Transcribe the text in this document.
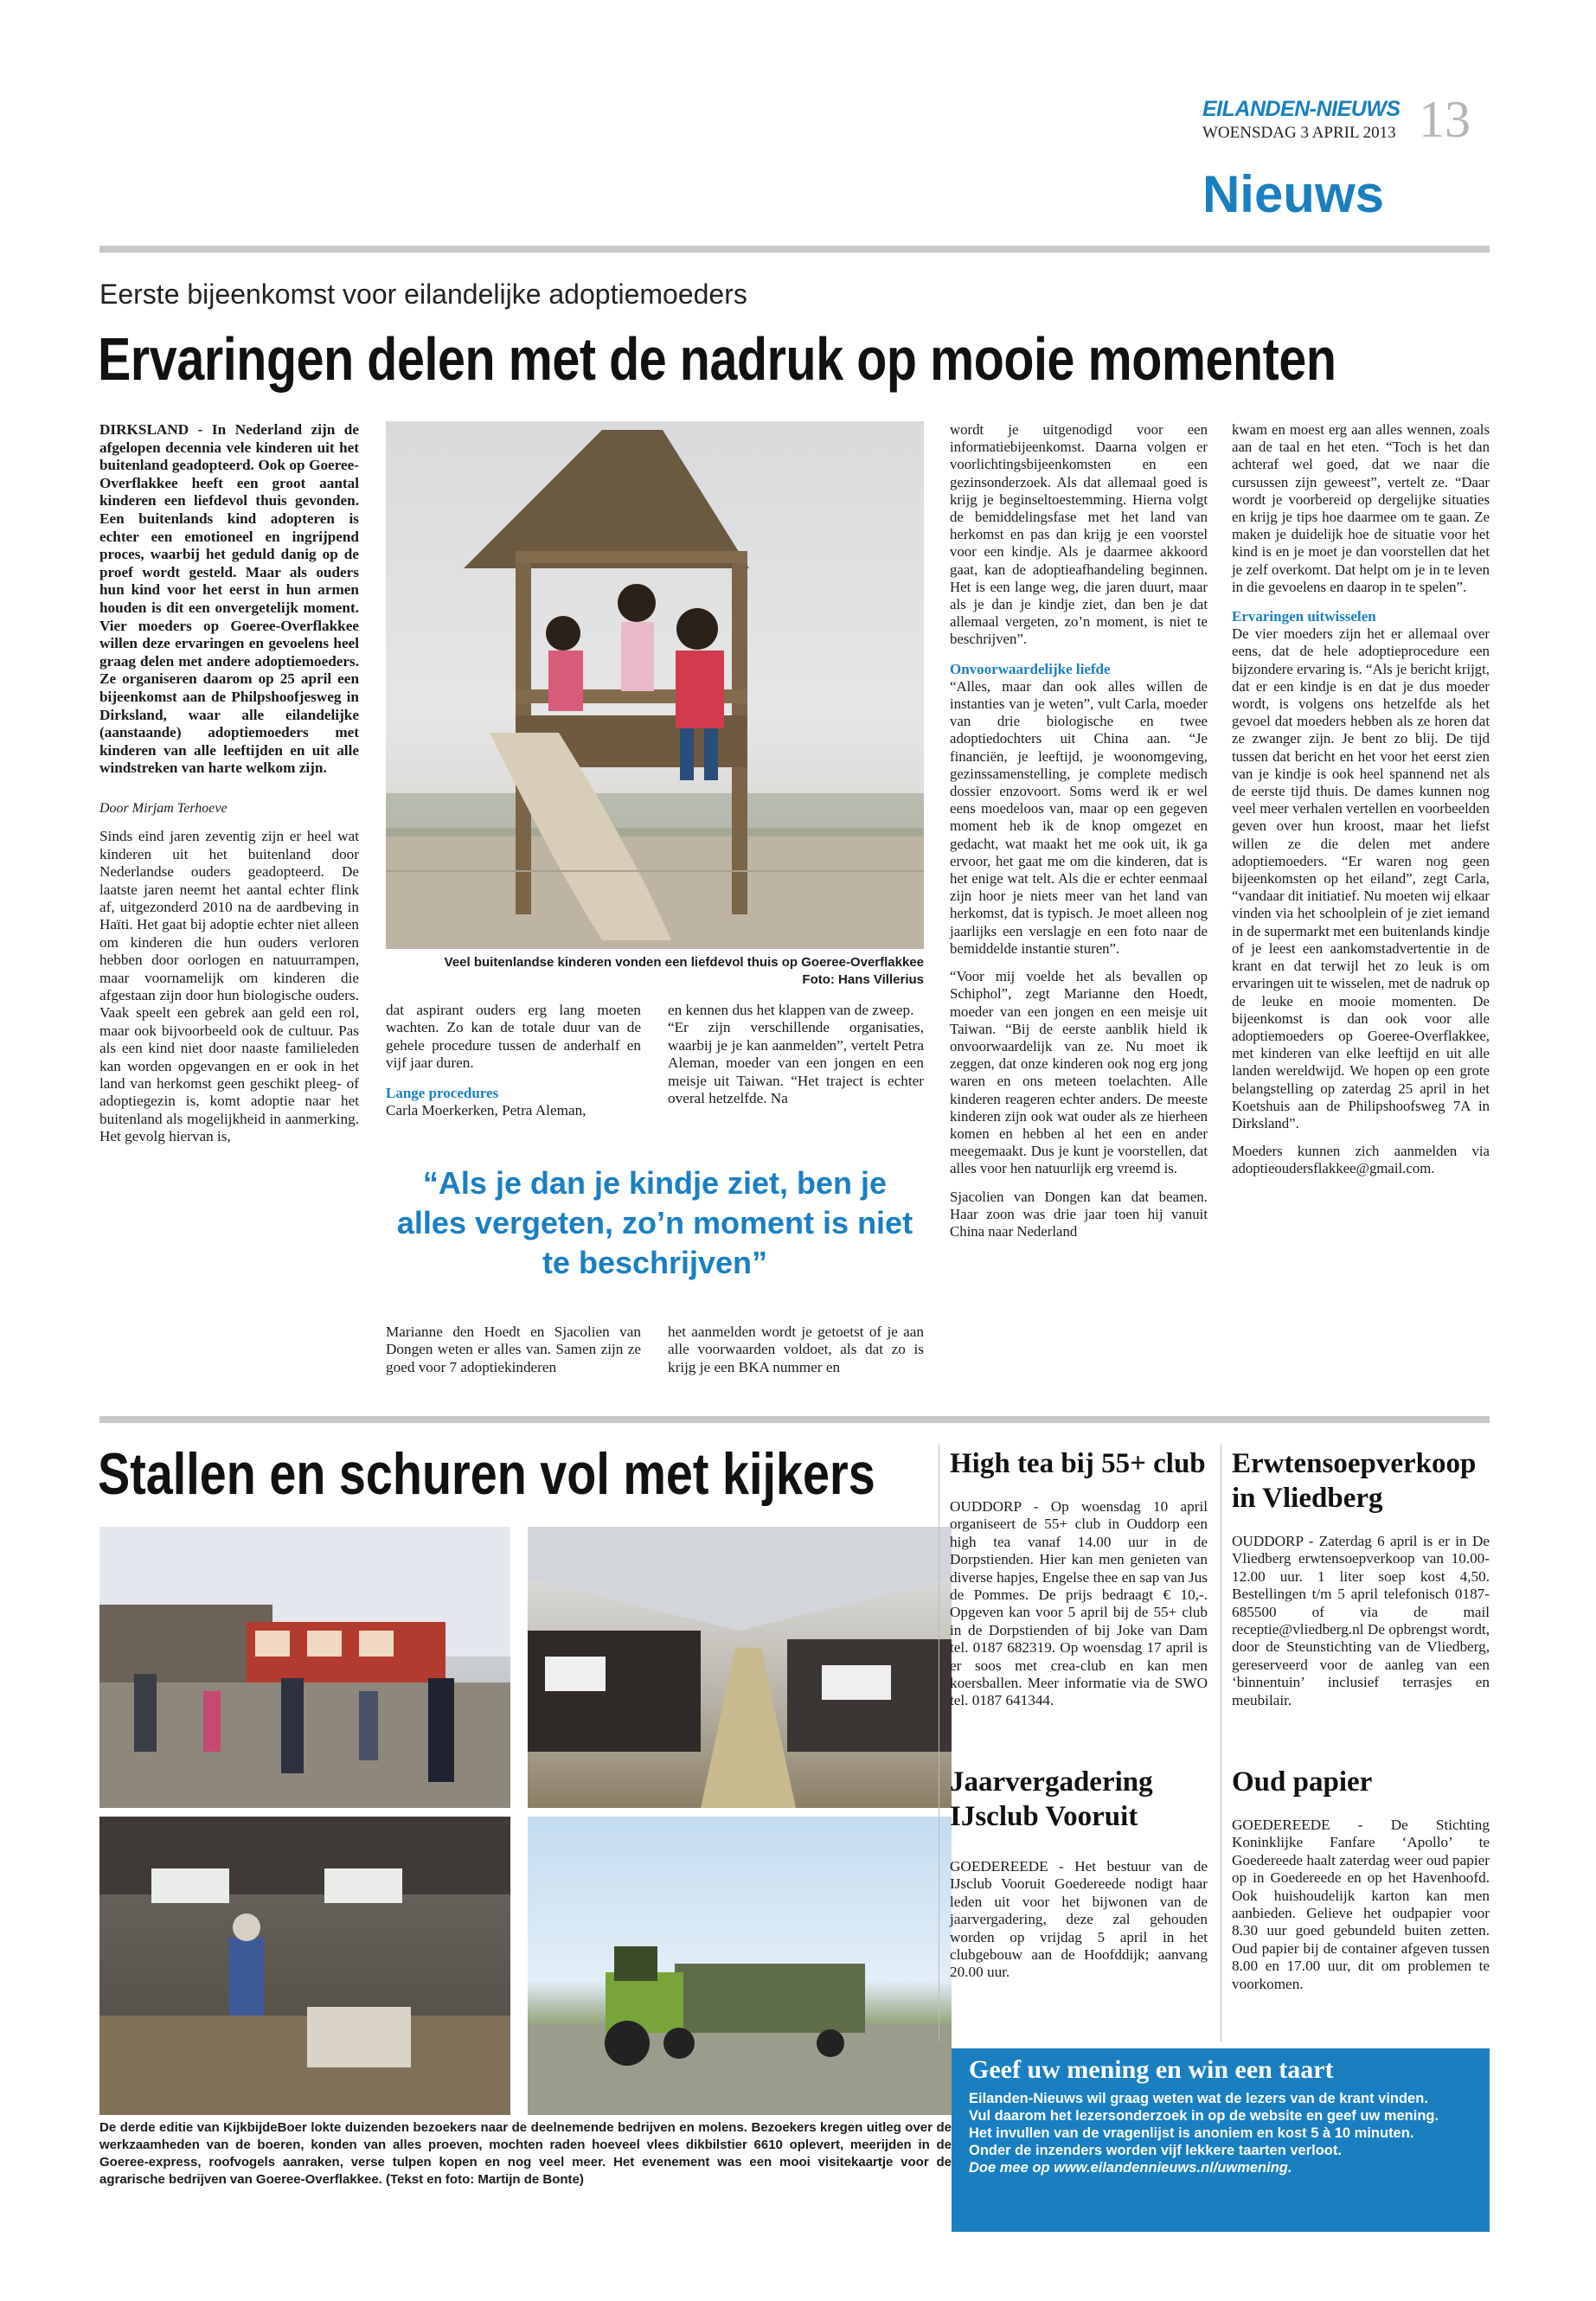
EILANDEN-NIEUWS
WOENSDAG 3 APRIL 2013 13
Nieuws
Eerste bijeenkomst voor eilandelijke adoptiemoeders
Ervaringen delen met de nadruk op mooie momenten

DIRKSLAND - In Nederland zijn de afgelopen decennia vele kinderen uit het buitenland geadopteerd. Ook op Goeree-Overflakkee heeft een groot aantal kinderen een liefdevol thuis gevonden. Een buitenlands kind adopteren is echter een emotioneel en ingrijpend proces, waarbij het geduld danig op de proef wordt gesteld. Maar als ouders hun kind voor het eerst in hun armen houden is dit een onvergetelijk moment. Vier moeders op Goeree-Overflakkee willen deze ervaringen en gevoelens heel graag delen met andere adoptiemoeders. Ze organiseren daarom op 25 april een bijeenkomst aan de Philpshoofjesweg in Dirksland, waar alle eilandelijke (aanstaande) adoptiemoeders met kinderen van alle leeftijden en uit alle windstreken van harte welkom zijn.

Door Mirjam Terhoeve

Sinds eind jaren zeventig zijn er heel wat kinderen uit het buitenland door Nederlandse ouders geadopteerd. De laatste jaren neemt het aantal echter flink af, uitgezonderd 2010 na de aardbeving in Haïti. Het gaat bij adoptie echter niet alleen om kinderen die hun ouders verloren hebben door oorlogen en natuurrampen, maar voornamelijk om kinderen die afgestaan zijn door hun biologische ouders. Vaak speelt een gebrek aan geld een rol, maar ook bijvoorbeeld ook de cultuur. Pas als een kind niet door naaste familieleden kan worden opgevangen en er ook in het land van herkomst geen geschikt pleeg- of adoptiegezin is, komt adoptie naar het buitenland als mogelijkheid in aanmerking. Het gevolg hiervan is,

Veel buitenlandse kinderen vonden een liefdevol thuis op Goeree-Overflakkee
Foto: Hans Villerius

dat aspirant ouders erg lang moeten wachten. Zo kan de totale duur van de gehele procedure tussen de anderhalf en vijf jaar duren.

Lange procedures

Carla Moerkerken, Petra Aleman,

en kennen dus het klappen van de zweep.
“Er zijn verschillende organisaties, waarbij je je kan aanmelden”, vertelt Petra Aleman, moeder van een jongen en een meisje uit Taiwan. “Het traject is echter overal hetzelfde. Na

“Als je dan je kindje ziet, ben je alles vergeten, zo’n moment is niet te beschrijven”

Marianne den Hoedt en Sjacolien van Dongen weten er alles van. Samen zijn ze goed voor 7 adoptiekinderen

het aanmelden wordt je getoetst of je aan alle voorwaarden voldoet, als dat zo is krijg je een BKA nummer en

wordt je uitgenodigd voor een informatiebijeenkomst. Daarna volgen er voorlichtingsbijeenkomsten en een gezinsonderzoek. Als dat allemaal goed is krijg je beginseltoestemming. Hierna volgt de bemiddelingsfase met het land van herkomst en pas dan krijg je een voorstel voor een kindje. Als je daarmee akkoord gaat, kan de adoptieafhandeling beginnen. Het is een lange weg, die jaren duurt, maar als je dan je kindje ziet, dan ben je dat allemaal vergeten, zo’n moment, is niet te beschrijven”.

Onvoorwaardelijke liefde

“Alles, maar dan ook alles willen de instanties van je weten”, vult Carla, moeder van drie biologische en twee adoptiedochters uit China aan. “Je financiën, je leeftijd, je woonomgeving, gezinssamenstelling, je complete medisch dossier enzovoort. Soms werd ik er wel eens moedeloos van, maar op een gegeven moment heb ik de knop omgezet en gedacht, wat maakt het me ook uit, ik ga ervoor, het gaat me om die kinderen, dat is het enige wat telt. Als die er echter eenmaal zijn hoor je niets meer van het land van herkomst, dat is typisch. Je moet alleen nog jaarlijks een verslagje en een foto naar de bemiddelde instantie sturen”.

“Voor mij voelde het als bevallen op Schiphol”, zegt Marianne den Hoedt, moeder van een jongen en een meisje uit Taiwan. “Bij de eerste aanblik hield ik onvoorwaardelijk van ze. Nu moet ik zeggen, dat onze kinderen ook nog erg jong waren en ons meteen toelachten. Alle kinderen reageren echter anders. De meeste kinderen zijn ook wat ouder als ze hierheen komen en hebben al het een en ander meegemaakt. Dus je kunt je voorstellen, dat alles voor hen natuurlijk erg vreemd is.

Sjacolien van Dongen kan dat beamen. Haar zoon was drie jaar toen hij vanuit China naar Nederland

kwam en moest erg aan alles wennen, zoals aan de taal en het eten. “Toch is het dan achteraf wel goed, dat we naar die cursussen zijn geweest”, vertelt ze. “Daar wordt je voorbereid op dergelijke situaties en krijg je tips hoe daarmee om te gaan. Ze maken je duidelijk hoe de situatie voor het kind is en je moet je dan voorstellen dat het je zelf overkomt. Dat helpt om je in te leven in die gevoelens en daarop in te spelen”.

Ervaringen uitwisselen

De vier moeders zijn het er allemaal over eens, dat de hele adoptieprocedure een bijzondere ervaring is. “Als je bericht krijgt, dat er een kindje is en dat je dus moeder wordt, is volgens ons hetzelfde als het gevoel dat moeders hebben als ze horen dat ze zwanger zijn. Je bent zo blij. De tijd tussen dat bericht en het voor het eerst zien van je kindje is ook heel spannend net als de eerste tijd thuis. De dames kunnen nog veel meer verhalen vertellen en voorbeelden geven over hun kroost, maar het liefst willen ze die delen met andere adoptiemoeders. “Er waren nog geen bijeenkomsten op het eiland”, zegt Carla, “vandaar dit initiatief. Nu moeten wij elkaar vinden via het schoolplein of je ziet iemand in de supermarkt met een buitenlands kindje of je leest een aankomstadvertentie in de krant en dat terwijl het zo leuk is om ervaringen uit te wisselen, met de nadruk op de leuke en mooie momenten. De bijeenkomst is dan ook voor alle adoptiemoeders op Goeree-Overflakkee, met kinderen van elke leeftijd en uit alle landen wereldwijd. We hopen op een grote belangstelling op zaterdag 25 april in het Koetshuis aan de Philipshoofsweg 7A in Dirksland”.

Moeders kunnen zich aanmelden via adoptieoudersflakkee@gmail.com.

Stallen en schuren vol met kijkers
De derde editie van KijkbijdeBoer lokte duizenden bezoekers naar de deelnemende bedrijven en molens. Bezoekers kregen uitleg over de werkzaamheden van de boeren, konden van alles proeven, mochten raden hoeveel vlees dikbilstier 6610 oplevert, meerijden in de Goeree-express, roofvogels aanraken, verse tulpen kopen en nog veel meer. Het evenement was een mooi visitekaartje voor de agrarische bedrijven van Goeree-Overflakkee. (Tekst en foto: Martijn de Bonte)
High tea bij 55+ club
OUDDORP - Op woensdag 10 april organiseert de 55+ club in Ouddorp een high tea vanaf 14.00 uur in de Dorpstienden. Hier kan men genieten van diverse hapjes, Engelse thee en sap van Jus de Pommes. De prijs bedraagt € 10,-. Opgeven kan voor 5 april bij de 55+ club in de Dorpstienden of bij Joke van Dam tel. 0187 682319. Op woensdag 17 april is er soos met crea-club en kan men koersballen. Meer informatie via de SWO tel. 0187 641344.
Erwtensoepverkoop in Vliedberg
OUDDORP - Zaterdag 6 april is er in De Vliedberg erwtensoepverkoop van 10.00-12.00 uur. 1 liter soep kost 4,50. Bestellingen t/m 5 april telefonisch 0187-685500 of via de mail receptie@vliedberg.nl De opbrengst wordt, door de Steunstichting van de Vliedberg, gereserveerd voor de aanleg van een ‘binnentuin’ inclusief terrasjes en meubilair.
Jaarvergadering IJsclub Vooruit
GOEDEREEDE - Het bestuur van de IJsclub Vooruit Goedereede nodigt haar leden uit voor het bijwonen van de jaarvergadering, deze zal gehouden worden op vrijdag 5 april in het clubgebouw aan de Hoofddijk; aanvang 20.00 uur.
Oud papier
GOEDEREEDE - De Stichting Koninklijke Fanfare ‘Apollo’ te Goedereede haalt zaterdag weer oud papier op in Goedereede en op het Havenhoofd. Ook huishoudelijk karton kan men aanbieden. Gelieve het oudpapier voor 8.30 uur goed gebundeld buiten zetten. Oud papier bij de container afgeven tussen 8.00 en 17.00 uur, dit om problemen te voorkomen.
Geef uw mening en win een taart
Eilanden-Nieuws wil graag weten wat de lezers van de krant vinden.
Vul daarom het lezersonderzoek in op de website en geef uw mening.
Het invullen van de vragenlijst is anoniem en kost 5 à 10 minuten.
Onder de inzenders worden vijf lekkere taarten verloot.
Doe mee op www.eilandennieuws.nl/uwmening.
